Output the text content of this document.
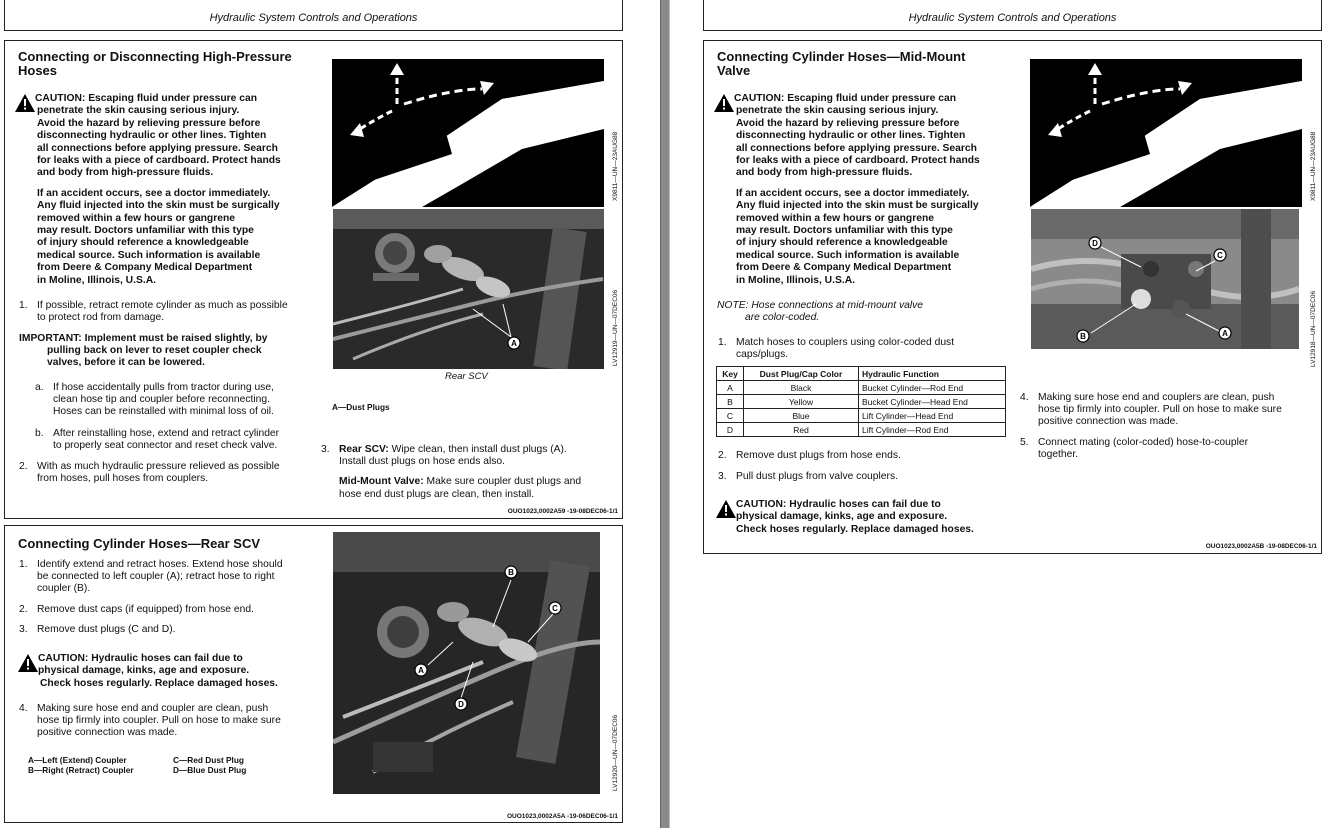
Hydraulic System Controls and Operations
Connecting or Disconnecting High-Pressure
Hoses
CAUTION: Escaping fluid under pressure can
penetrate the skin causing serious injury.
Avoid the hazard by relieving pressure before
disconnecting hydraulic or other lines. Tighten
all connections before applying pressure. Search
for leaks with a piece of cardboard. Protect hands
and body from high-pressure fluids.
If an accident occurs, see a doctor immediately.
Any fluid injected into the skin must be surgically
removed within a few hours or gangrene
may result. Doctors unfamiliar with this type
of injury should reference a knowledgeable
medical source. Such information is available
from Deere & Company Medical Department
in Moline, Illinois, U.S.A.
1. If possible, retract remote cylinder as much as possible
to protect rod from damage.
IMPORTANT: Implement must be raised slightly, by
pulling back on lever to reset coupler check
valves, before it can be lowered.
a. If hose accidentally pulls from tractor during use,
clean hose tip and coupler before reconnecting.
Hoses can be reinstalled with minimal loss of oil.
b. After reinstalling hose, extend and retract cylinder
to properly seat connector and reset check valve.
2. With as much hydraulic pressure relieved as possible
from hoses, pull hoses from couplers.
X9811—UN—23AUG88
A
Rear SCV
LV12919—UN—07DEC06
A—Dust Plugs
3. Rear SCV: Wipe clean, then install dust plugs (A).
Install dust plugs on hose ends also.
Mid-Mount Valve: Make sure coupler dust plugs and
hose end dust plugs are clean, then install.
OUO1023,0002A59 -19-08DEC06-1/1
Connecting Cylinder Hoses—Rear SCV
1. Identify extend and retract hoses. Extend hose should
be connected to left coupler (A); retract hose to right
coupler (B).
2. Remove dust caps (if equipped) from hose end.
3. Remove dust plugs (C and D).
CAUTION: Hydraulic hoses can fail due to
physical damage, kinks, age and exposure.
Check hoses regularly. Replace damaged hoses.
4. Making sure hose end and coupler are clean, push
hose tip firmly into coupler. Pull on hose to make sure
positive connection was made.
A—Left (Extend) Coupler
B—Right (Retract) Coupler
C—Red Dust Plug
D—Blue Dust Plug
A
B
C
D
LV12920—UN—07DEC06
OUO1023,0002A5A -19-06DEC06-1/1
Hydraulic System Controls and Operations
Connecting Cylinder Hoses—Mid-Mount
Valve
CAUTION: Escaping fluid under pressure can
penetrate the skin causing serious injury.
Avoid the hazard by relieving pressure before
disconnecting hydraulic or other lines. Tighten
all connections before applying pressure. Search
for leaks with a piece of cardboard. Protect hands
and body from high-pressure fluids.
If an accident occurs, see a doctor immediately.
Any fluid injected into the skin must be surgically
removed within a few hours or gangrene
may result. Doctors unfamiliar with this type
of injury should reference a knowledgeable
medical source. Such information is available
from Deere & Company Medical Department
in Moline, Illinois, U.S.A.
NOTE: Hose connections at mid-mount valve
are color-coded.
1. Match hoses to couplers using color-coded dust
caps/plugs.
Key	Dust Plug/Cap Color	Hydraulic Function
A	Black	Bucket Cylinder—Rod End
B	Yellow	Bucket Cylinder—Head End
C	Blue	Lift Cylinder—Head End
D	Red	Lift Cylinder—Rod End
2. Remove dust plugs from hose ends.
3. Pull dust plugs from valve couplers.
CAUTION: Hydraulic hoses can fail due to
physical damage, kinks, age and exposure.
Check hoses regularly. Replace damaged hoses.
X9811—UN—23AUG88
D
C
B	A	LV12918—UN—07DEC06
4. Making sure hose end and couplers are clean, push
hose tip firmly into coupler. Pull on hose to make sure
positive connection was made.
5. Connect mating (color-coded) hose-to-coupler
together.
OUO1023,0002A5B -19-08DEC06-1/1
